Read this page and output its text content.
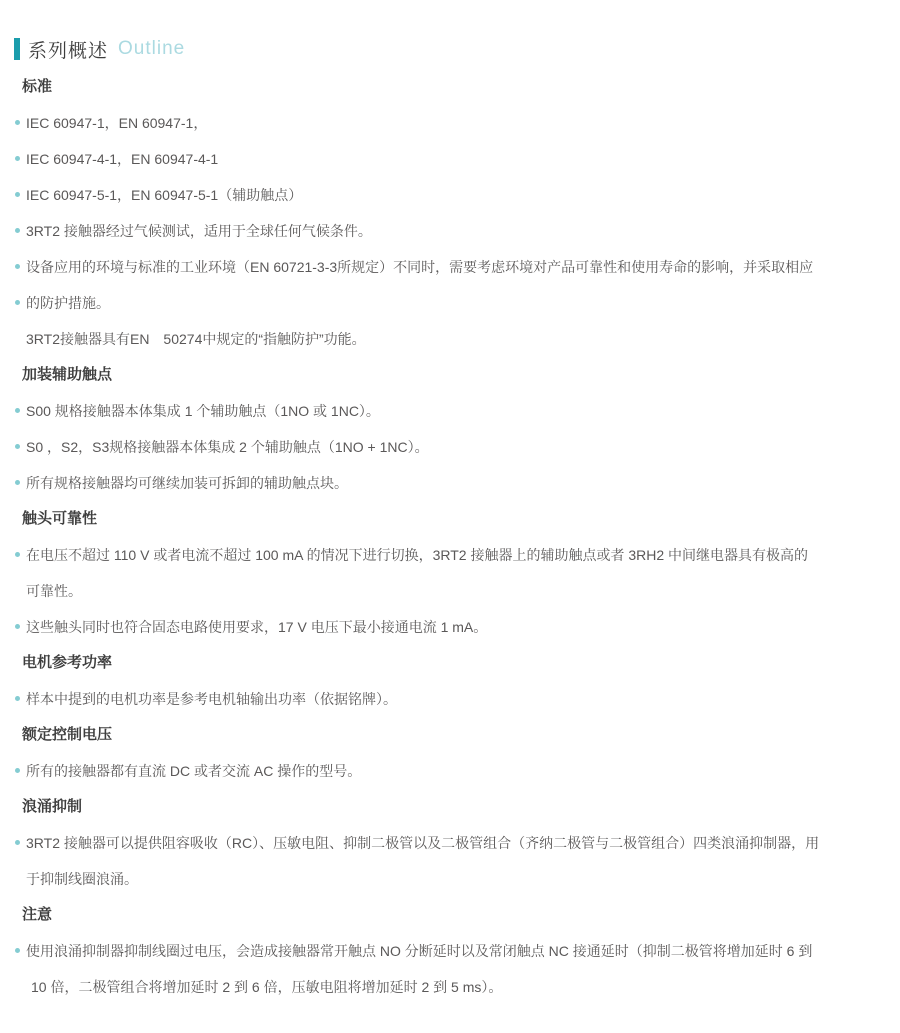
系列概述 Outline
标准
IEC 60947-1，EN 60947-1，
IEC 60947-4-1，EN 60947-4-1
IEC 60947-5-1，EN 60947-5-1（辅助触点）
3RT2 接触器经过气候测试，适用于全球任何气候条件。
设备应用的环境与标准的工业环境（EN 60721-3-3所规定）不同时，需要考虑环境对产品可靠性和使用寿命的影响，并采取相应
的防护措施。
3RT2接触器具有EN　50274中规定的“指触防护”功能。
加装辅助触点
S00 规格接触器本体集成 1 个辅助触点（1NO 或 1NC）。
S0 ，S2，S3规格接触器本体集成 2 个辅助触点（1NO + 1NC）。
所有规格接触器均可继续加装可拆卸的辅助触点块。
触头可靠性
在电压不超过 110 V 或者电流不超过 100 mA 的情况下进行切换，3RT2 接触器上的辅助触点或者 3RH2 中间继电器具有极高的
可靠性。
这些触头同时也符合固态电路使用要求，17 V 电压下最小接通电流 1 mA。
电机参考功率
样本中提到的电机功率是参考电机轴输出功率（依据铭牌）。
额定控制电压
所有的接触器都有直流 DC 或者交流 AC 操作的型号。
浪涌抑制
3RT2 接触器可以提供阻容吸收（RC）、压敏电阻、抑制二极管以及二极管组合（齐纳二极管与二极管组合）四类浪涌抑制器，用
于抑制线圈浪涌。
注意
使用浪涌抑制器抑制线圈过电压，会造成接触器常开触点 NO 分断延时以及常闭触点 NC 接通延时（抑制二极管将增加延时 6 到
10 倍，二极管组合将增加延时 2 到 6 倍，压敏电阻将增加延时 2 到 5 ms）。
